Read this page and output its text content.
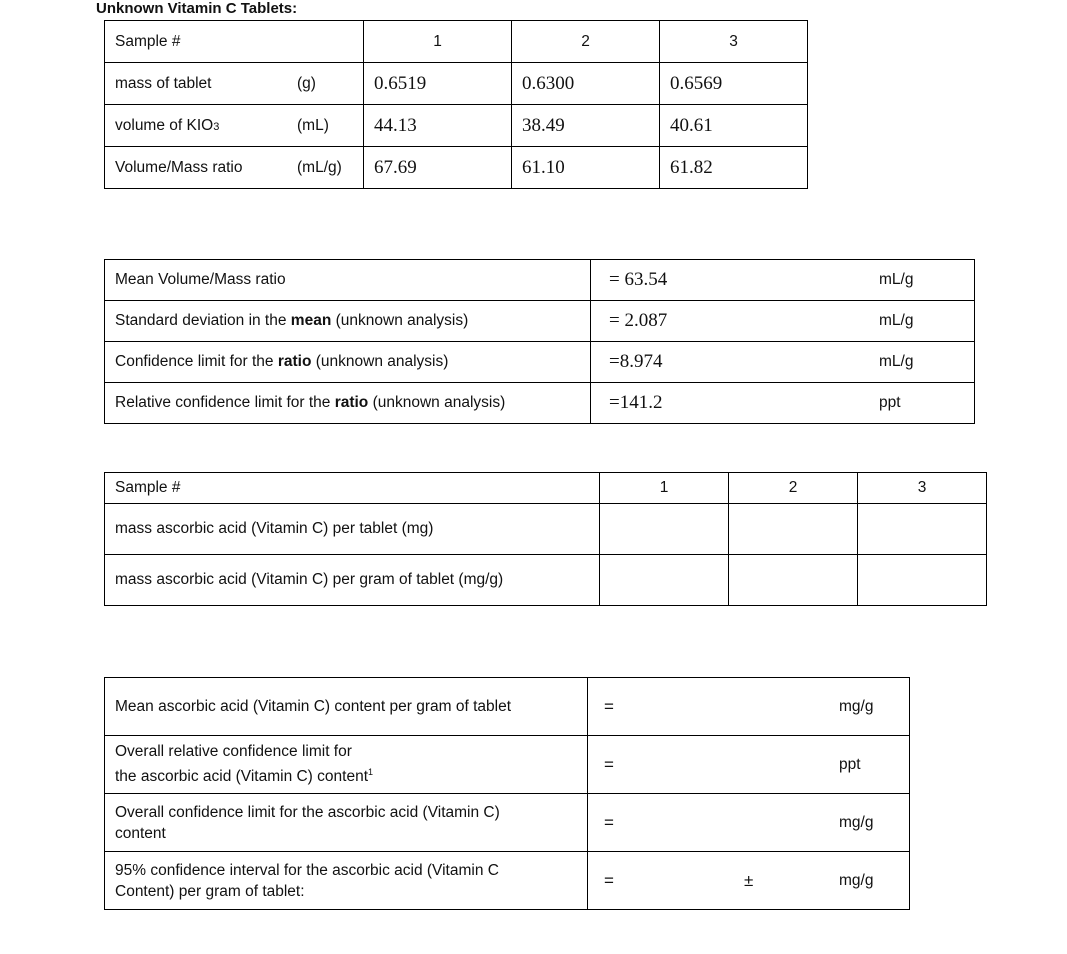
Unknown Vitamin C Tablets:
Sample #	1	2	3
mass of tablet (g)	0.6519	0.6300	0.6569
volume of KIO3 (mL)	44.13	38.49	40.61
Volume/Mass ratio (mL/g)	67.69	61.10	61.82
Mean Volume/Mass ratio	= 63.54	mL/g
Standard deviation in the mean (unknown analysis)	= 2.087	mL/g
Confidence limit for the ratio (unknown analysis)	=8.974	mL/g
Relative confidence limit for the ratio (unknown analysis)	=141.2	ppt
Sample #	1	2	3
mass ascorbic acid (Vitamin C) per tablet (mg)			
mass ascorbic acid (Vitamin C) per gram of tablet (mg/g)			
Mean ascorbic acid (Vitamin C) content per gram of tablet	=		mg/g

Overall relative confidence limit for
the ascorbic acid (Vitamin C) content$^1$	=		ppt

Overall confidence limit for the ascorbic acid (Vitamin C)
content	=		mg/g

95% confidence interval for the ascorbic acid (Vitamin C
Content) per gram of tablet:	=	±	mg/g
